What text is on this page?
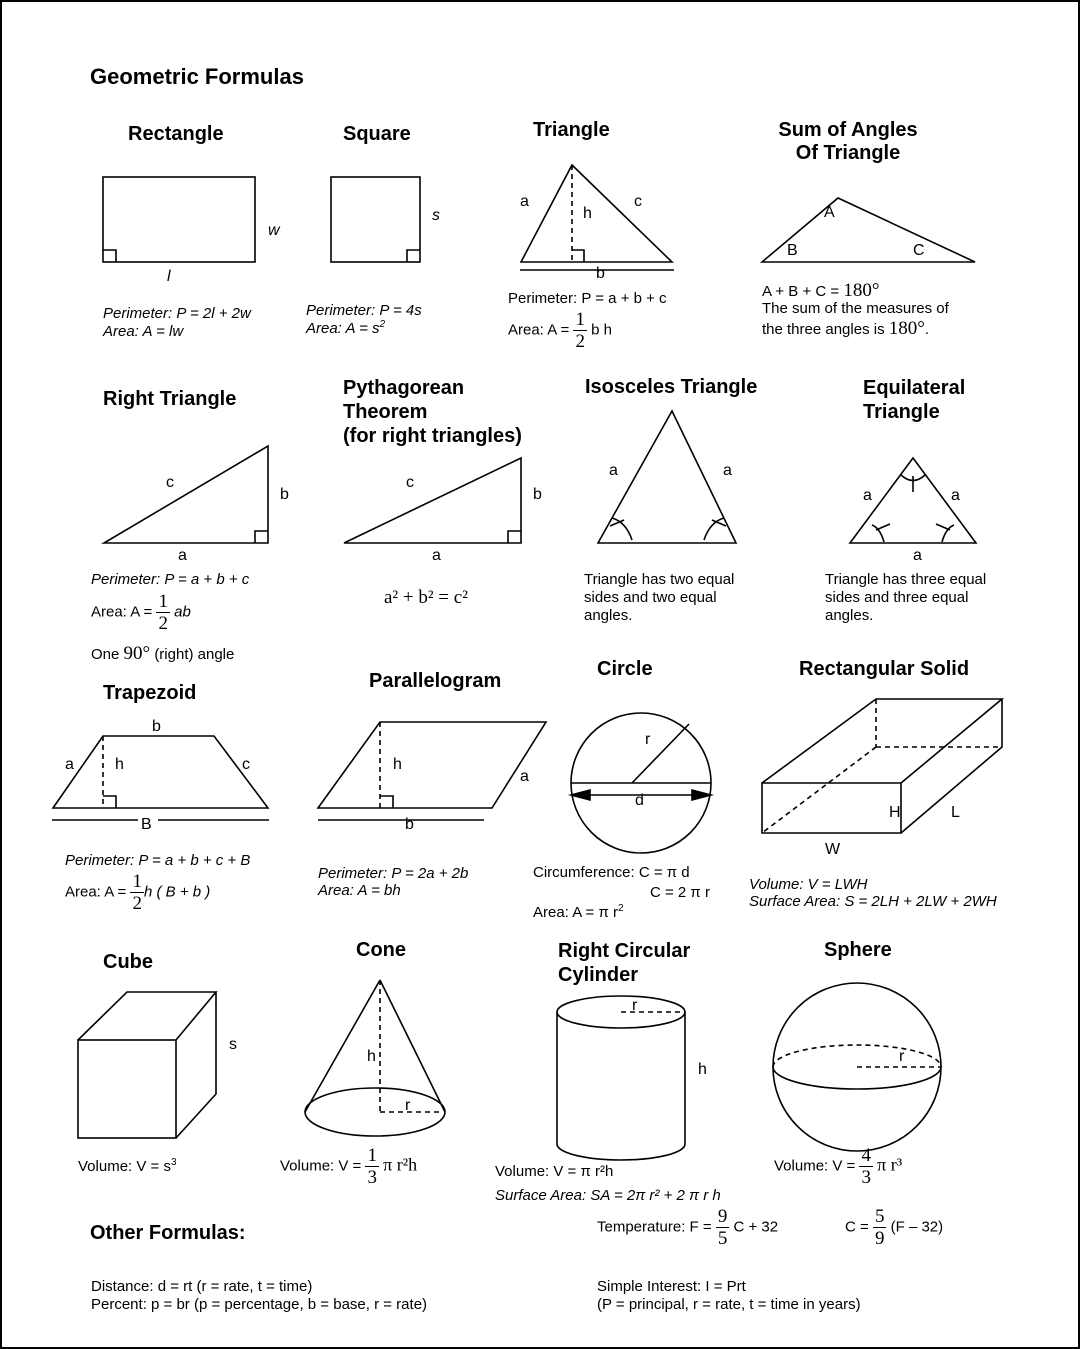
Geometric Formulas
Rectangle
w
l
Perimeter: P = 2l + 2w
Area: A = lw
Square
s
Perimeter: P = 4s
Area: $A = s^2$
Triangle
a	c
h
b
Perimeter: P = a + b + c
Area: $A = \frac{1}{2}$ b h
Sum of Angles
Of Triangle
A
B	C
A + B + C = 180°
The sum of the measures of
the three angles is 180°.
Right Triangle
c
b
a
Perimeter: P = a + b + c
Area: $A = \frac{1}{2}$ ab
One 90° (right) angle
Pythagorean
Theorem
(for right triangles)
c
b
a
a² + b² = c²
Isosceles Triangle
a	a
Triangle has two equal
sides and two equal
angles.
Equilateral
Triangle
a	a
a
Triangle has three equal
sides and three equal
angles.
Trapezoid
b
a	h	c
B
Perimeter: P = a + b + c + B
Area: $A = \frac{1}{2}$ h ( B + b )
Parallelogram
h
a
b
Perimeter: P = 2a + 2b
Area: A = bh
Circle
r
d
Circumference: C = π d
C = 2 π r
Area: A = π $r^2$
Rectangular Solid
H	L
W
Volume: V = LWH
Surface Area: S = 2LH + 2LW + 2WH
Cube
s
Volume: $V = s^3$
Cone
h
r
Volume: $V = \frac{1}{3}$ π r²h
Right Circular
Cylinder
r
h
Volume: V = π r²h
Surface Area: SA = 2π r² + 2 π r h
Sphere
r
Volume: $V = \frac{4}{3}$ π r³
Other Formulas:	Temperature: $F = \frac{9}{5}$ C + 32	$C = \frac{5}{9} (F - 32)$
Distance: d = rt (r = rate, t = time)
Percent: p = br (p = percentage, b = base, r = rate)
Simple Interest: I = Prt
(P = principal, r = rate, t = time in years)
